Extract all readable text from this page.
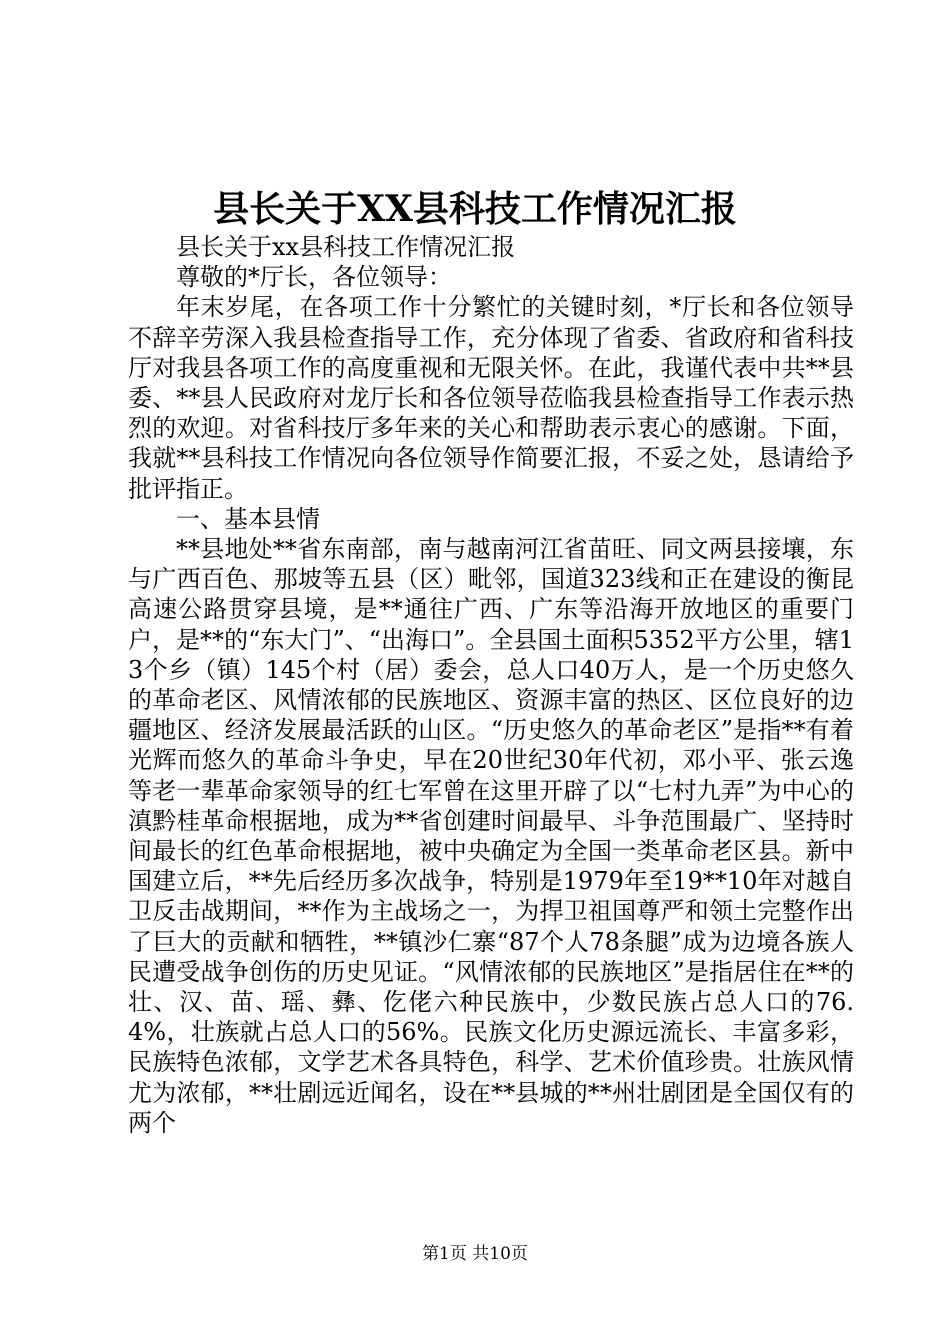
县长关于XX县科技工作情况汇报

县长关于xx县科技工作情况汇报

尊敬的*厅长，各位领导：

年末岁尾，在各项工作十分繁忙的关键时刻，*厅长和各位领导不辞辛劳深入我县检查指导工作，充分体现了省委、省政府和省科技厅对我县各项工作的高度重视和无限关怀。在此，我谨代表中共**县委、**县人民政府对龙厅长和各位领导莅临我县检查指导工作表示热烈的欢迎。对省科技厅多年来的关心和帮助表示衷心的感谢。下面，我就**县科技工作情况向各位领导作简要汇报，不妥之处，恳请给予批评指正。

一、基本县情

**县地处**省东南部，南与越南河江省苗旺、同文两县接壤，东与广西百色、那坡等五县（区）毗邻，国道323线和正在建设的衡昆高速公路贯穿县境，是**通往广西、广东等沿海开放地区的重要门户，是**的“东大门”、“出海口”。全县国土面积5352平方公里，辖13个乡（镇）145个村（居）委会，总人口40万人，是一个历史悠久的革命老区、风情浓郁的民族地区、资源丰富的热区、区位良好的边疆地区、经济发展最活跃的山区。“历史悠久的革命老区”是指**有着光辉而悠久的革命斗争史，早在20世纪30年代初，邓小平、张云逸等老一辈革命家领导的红七军曾在这里开辟了以“七村九弄”为中心的滇黔桂革命根据地，成为**省创建时间最早、斗争范围最广、坚持时间最长的红色革命根据地，被中央确定为全国一类革命老区县。新中国建立后，**先后经历多次战争，特别是1979年至19**10年对越自卫反击战期间，**作为主战场之一，为捍卫祖国尊严和领土完整作出了巨大的贡献和牺牲，**镇沙仁寨“87个人78条腿”成为边境各族人民遭受战争创伤的历史见证。“风情浓郁的民族地区”是指居住在**的壮、汉、苗、瑶、彝、仡佬六种民族中，少数民族占总人口的76.4%，壮族就占总人口的56%。民族文化历史源远流长、丰富多彩，民族特色浓郁，文学艺术各具特色，科学、艺术价值珍贵。壮族风情尤为浓郁，**壮剧远近闻名，设在**县城的**州壮剧团是全国仅有的两个

第1页 共10页
